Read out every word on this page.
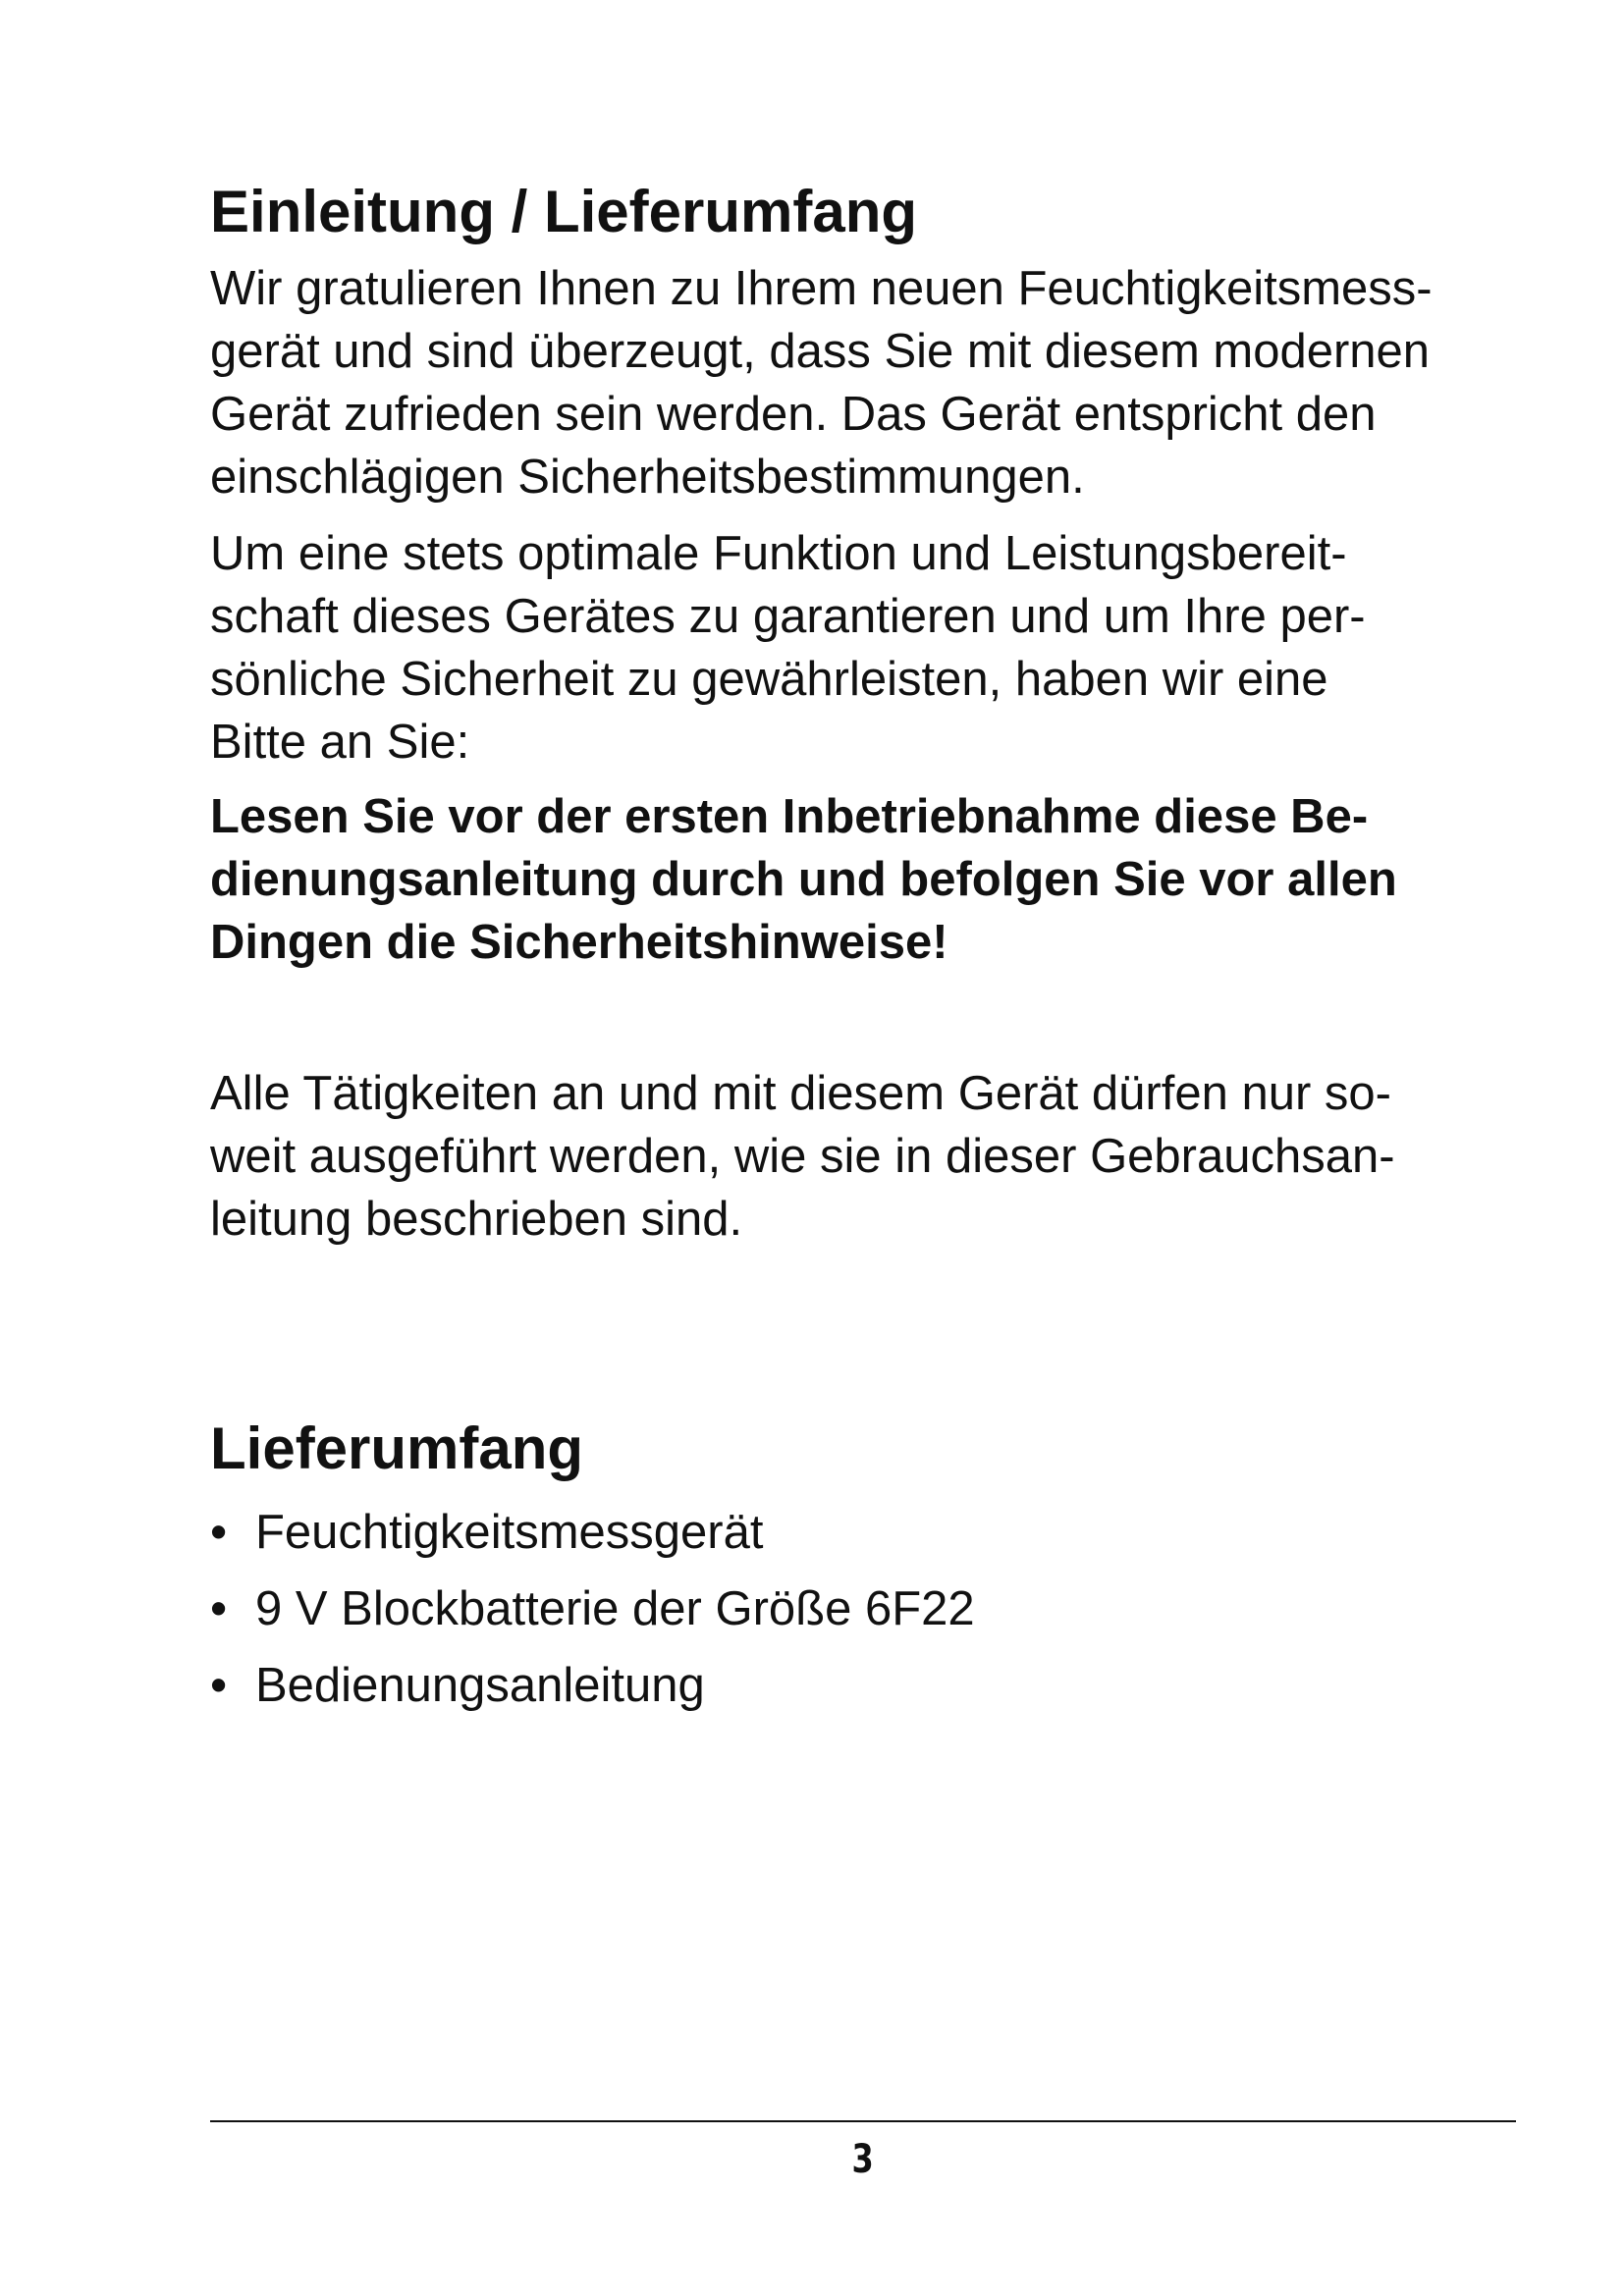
Einleitung / Lieferumfang
Wir gratulieren Ihnen zu Ihrem neuen Feuchtigkeitsmess-
gerät und sind überzeugt, dass Sie mit diesem modernen
Gerät zufrieden sein werden. Das Gerät entspricht den
einschlägigen Sicherheitsbestimmungen.
Um eine stets optimale Funktion und Leistungsbereit-
schaft dieses Gerätes zu garantieren und um Ihre per-
sönliche Sicherheit zu gewährleisten, haben wir eine
Bitte an Sie:
Lesen Sie vor der ersten Inbetriebnahme diese Be-
dienungsanleitung durch und befolgen Sie vor allen
Dingen die Sicherheitshinweise!
Alle Tätigkeiten an und mit diesem Gerät dürfen nur so-
weit ausgeführt werden, wie sie in dieser Gebrauchsan-
leitung beschrieben sind.
Lieferumfang
• Feuchtigkeitsmessgerät
• 9 V Blockbatterie der Größe 6F22
• Bedienungsanleitung
3
